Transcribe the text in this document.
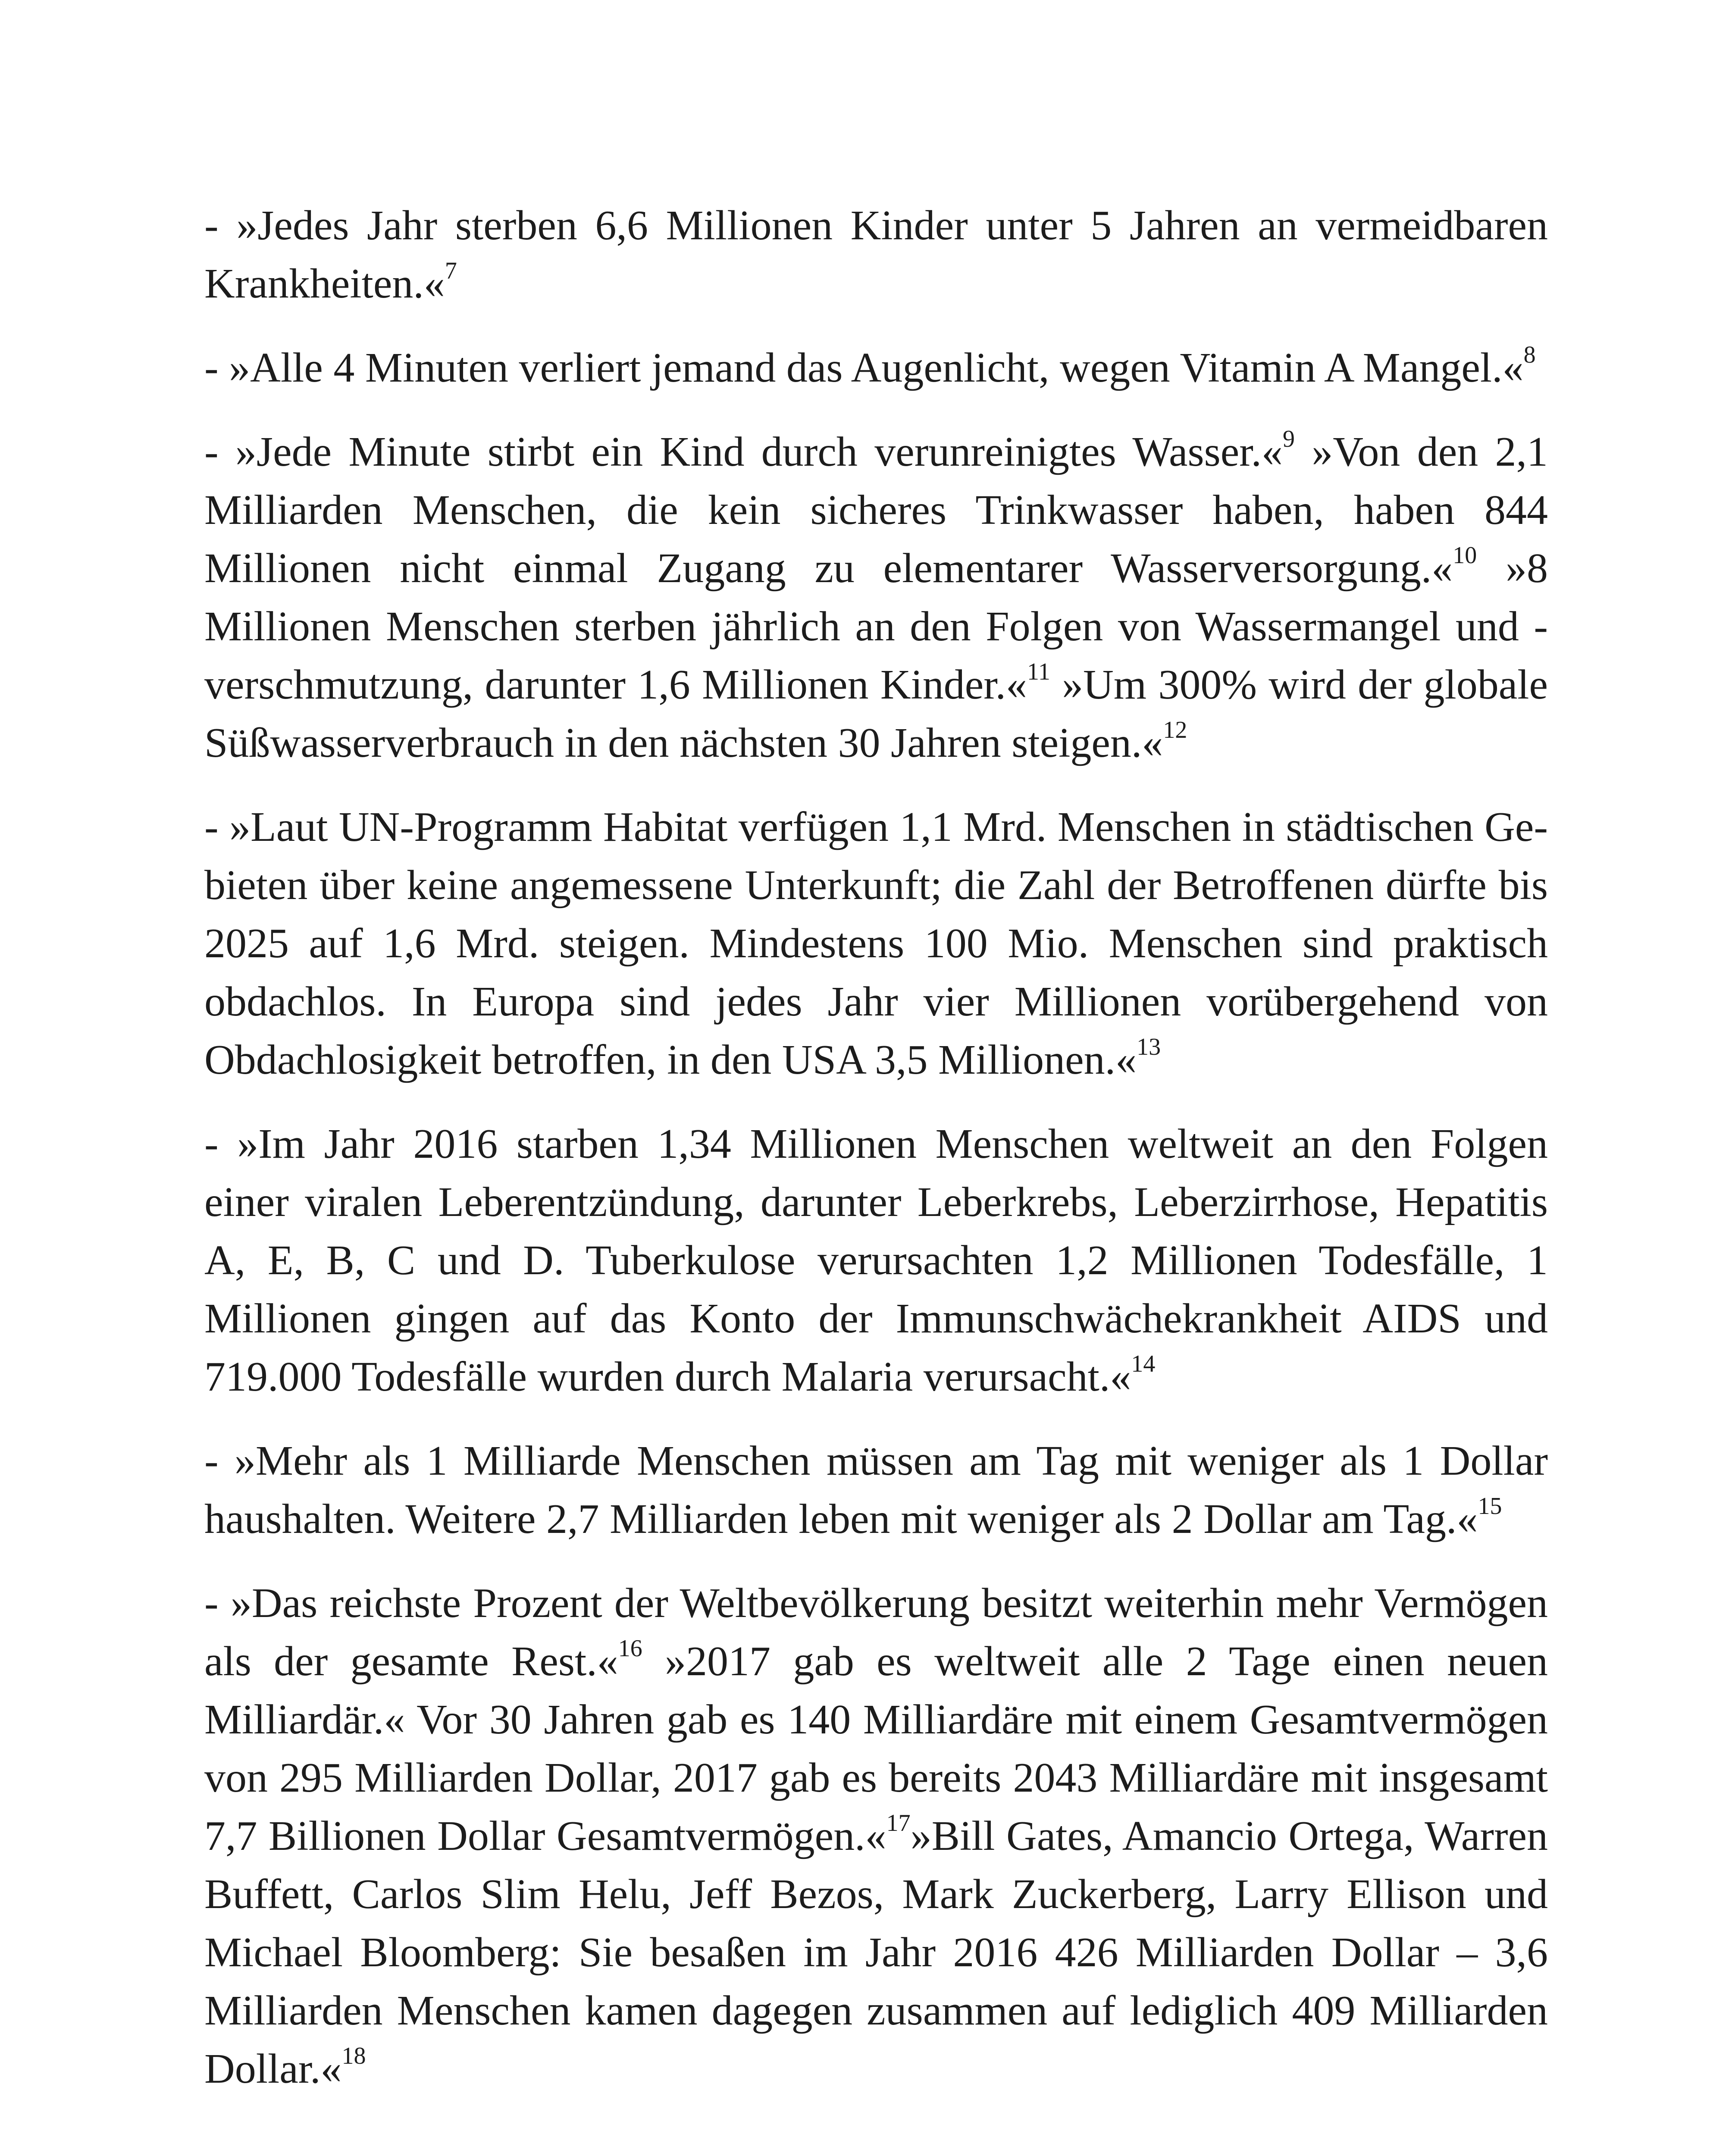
- »Jedes Jahr sterben 6,6 Millionen Kinder unter 5 Jahren an vermeidbaren Krankheiten.«$^7$

- »Alle 4 Minuten verliert jemand das Augenlicht, wegen Vitamin A Mangel.«$^8$

- »Jede Minute stirbt ein Kind durch verunreinigtes Wasser.«$^9$ »Von den 2,1 Milliarden Menschen, die kein sicheres Trinkwasser haben, haben 844 Millionen nicht einmal Zugang zu elementarer Wasserversorgung.«$^{10}$ »8 Millionen Menschen sterben jährlich an den Folgen von Wassermangel und -verschmutzung, darunter 1,6 Millionen Kinder.«$^{11}$ »Um 300% wird der globale Süßwasserverbrauch in den nächsten 30 Jahren steigen.«$^{12}$

- »Laut UN-Programm Habitat verfügen 1,1 Mrd. Menschen in städtischen Gebieten über keine angemessene Unterkunft; die Zahl der Betroffenen dürfte bis 2025 auf 1,6 Mrd. steigen. Mindestens 100 Mio. Menschen sind praktisch obdachlos. In Europa sind jedes Jahr vier Millionen vorübergehend von Obdachlosigkeit betroffen, in den USA 3,5 Millionen.«$^{13}$

- »Im Jahr 2016 starben 1,34 Millionen Menschen weltweit an den Folgen einer viralen Leberentzündung, darunter Leberkrebs, Leberzirrhose, Hepatitis A, E, B, C und D. Tuberkulose verursachten 1,2 Millionen Todesfälle, 1 Millionen gingen auf das Konto der Immunschwächekrankheit AIDS und 719.000 Todesfälle wurden durch Malaria verursacht.«$^{14}$

- »Mehr als 1 Milliarde Menschen müssen am Tag mit weniger als 1 Dollar haushalten. Weitere 2,7 Milliarden leben mit weniger als 2 Dollar am Tag.«$^{15}$

- »Das reichste Prozent der Weltbevölkerung besitzt weiterhin mehr Vermögen als der gesamte Rest.«$^{16}$ »2017 gab es weltweit alle 2 Tage einen neuen Milliardär.« Vor 30 Jahren gab es 140 Milliardäre mit einem Gesamtvermögen von 295 Milliarden Dollar, 2017 gab es bereits 2043 Milliardäre mit insgesamt 7,7 Billionen Dollar Gesamtvermögen.«$^{17}$»Bill Gates, Amancio Ortega, Warren Buffett, Carlos Slim Helu, Jeff Bezos, Mark Zuckerberg, Larry Ellison und Michael Bloomberg: Sie besaßen im Jahr 2016 426 Milliarden Dollar – 3,6 Milliarden Menschen kamen dagegen zusammen auf lediglich 409 Milliarden Dollar.«$^{18}$
